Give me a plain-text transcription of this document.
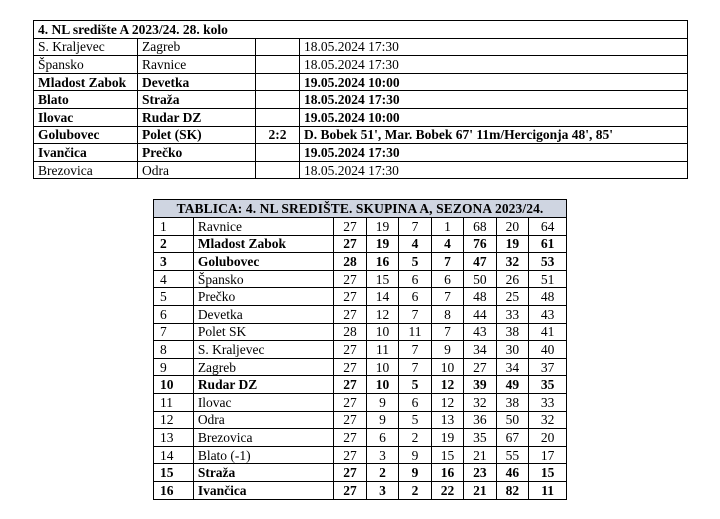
4. NL središte A 2023/24. 28. kolo			
S. Kraljevec	Zagreb		18.05.2024 17:30
Špansko	Ravnice		18.05.2024 17:30
Mladost Zabok	Devetka		19.05.2024 10:00
Blato	Straža		18.05.2024 17:30
Ilovac	Rudar DZ		19.05.2024 10:00
Golubovec	Polet (SK)	2:2	D. Bobek 51', Mar. Bobek 67' 11m/Hercigonja 48', 85'
Ivančica	Prečko		19.05.2024 17:30
Brezovica	Odra		18.05.2024 17:30
TABLICA: 4. NL SREDIŠTE. SKUPINA A, SEZONA 2023/24.								
1	Ravnice	27	19	7	1	68	20	64
2	Mladost Zabok	27	19	4	4	76	19	61
3	Golubovec	28	16	5	7	47	32	53
4	Špansko	27	15	6	6	50	26	51
5	Prečko	27	14	6	7	48	25	48
6	Devetka	27	12	7	8	44	33	43
7	Polet SK	28	10	11	7	43	38	41
8	S. Kraljevec	27	11	7	9	34	30	40
9	Zagreb	27	10	7	10	27	34	37
10	Rudar DZ	27	10	5	12	39	49	35
11	Ilovac	27	9	6	12	32	38	33
12	Odra	27	9	5	13	36	50	32
13	Brezovica	27	6	2	19	35	67	20
14	Blato (-1)	27	3	9	15	21	55	17
15	Straža	27	2	9	16	23	46	15
16	Ivančica	27	3	2	22	21	82	11
